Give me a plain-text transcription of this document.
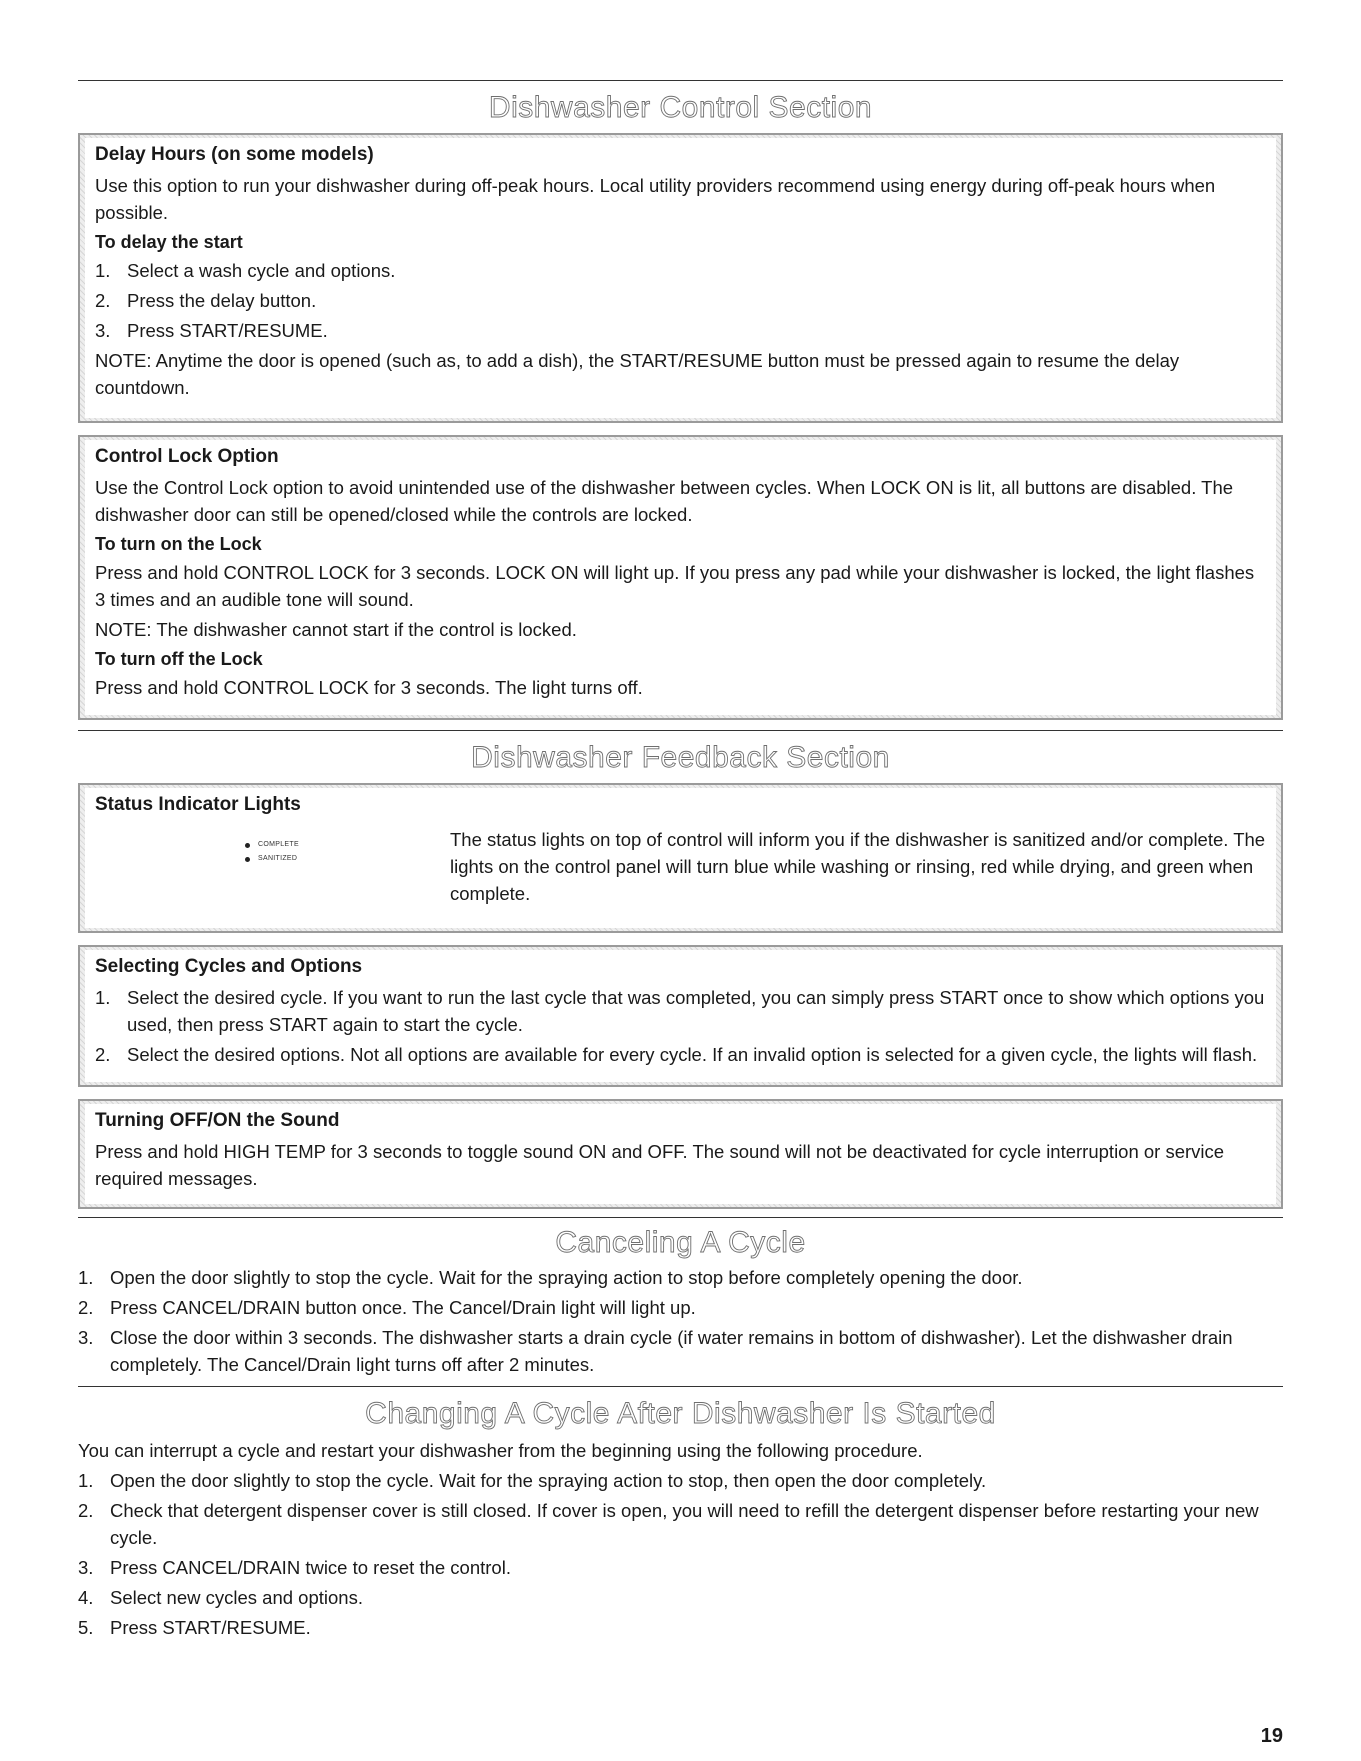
Dishwasher Control Section
Delay Hours (on some models)

Use this option to run your dishwasher during off-peak hours. Local utility providers recommend using energy during off-peak hours when possible.

To delay the start
1. Select a wash cycle and options.
2. Press the delay button.
3. Press START/RESUME.

NOTE: Anytime the door is opened (such as, to add a dish), the START/RESUME button must be pressed again to resume the delay countdown.

Control Lock Option

Use the Control Lock option to avoid unintended use of the dishwasher between cycles. When LOCK ON is lit, all buttons are disabled. The dishwasher door can still be opened/closed while the controls are locked.

To turn on the Lock

Press and hold CONTROL LOCK for 3 seconds. LOCK ON will light up. If you press any pad while your dishwasher is locked, the light flashes 3 times and an audible tone will sound.

NOTE: The dishwasher cannot start if the control is locked.

To turn off the Lock

Press and hold CONTROL LOCK for 3 seconds. The light turns off.

Dishwasher Feedback Section
Status Indicator Lights
COMPLETE
SANITIZED
The status lights on top of control will inform you if the dishwasher is sanitized and/or complete. The lights on the control panel will turn blue while washing or rinsing, red while drying, and green when complete.
Selecting Cycles and Options
1. Select the desired cycle. If you want to run the last cycle that was completed, you can simply press START once to show which options you used, then press START again to start the cycle.
2. Select the desired options. Not all options are available for every cycle. If an invalid option is selected for a given cycle, the lights will flash.
Turning OFF/ON the Sound

Press and hold HIGH TEMP for 3 seconds to toggle sound ON and OFF. The sound will not be deactivated for cycle interruption or service required messages.

Canceling A Cycle
1. Open the door slightly to stop the cycle. Wait for the spraying action to stop before completely opening the door.
2. Press CANCEL/DRAIN button once. The Cancel/Drain light will light up.
3. Close the door within 3 seconds. The dishwasher starts a drain cycle (if water remains in bottom of dishwasher). Let the dishwasher drain completely. The Cancel/Drain light turns off after 2 minutes.
Changing A Cycle After Dishwasher Is Started

You can interrupt a cycle and restart your dishwasher from the beginning using the following procedure.

1. Open the door slightly to stop the cycle. Wait for the spraying action to stop, then open the door completely.
2. Check that detergent dispenser cover is still closed. If cover is open, you will need to refill the detergent dispenser before restarting your new cycle.
3. Press CANCEL/DRAIN twice to reset the control.
4. Select new cycles and options.
5. Press START/RESUME.
19
